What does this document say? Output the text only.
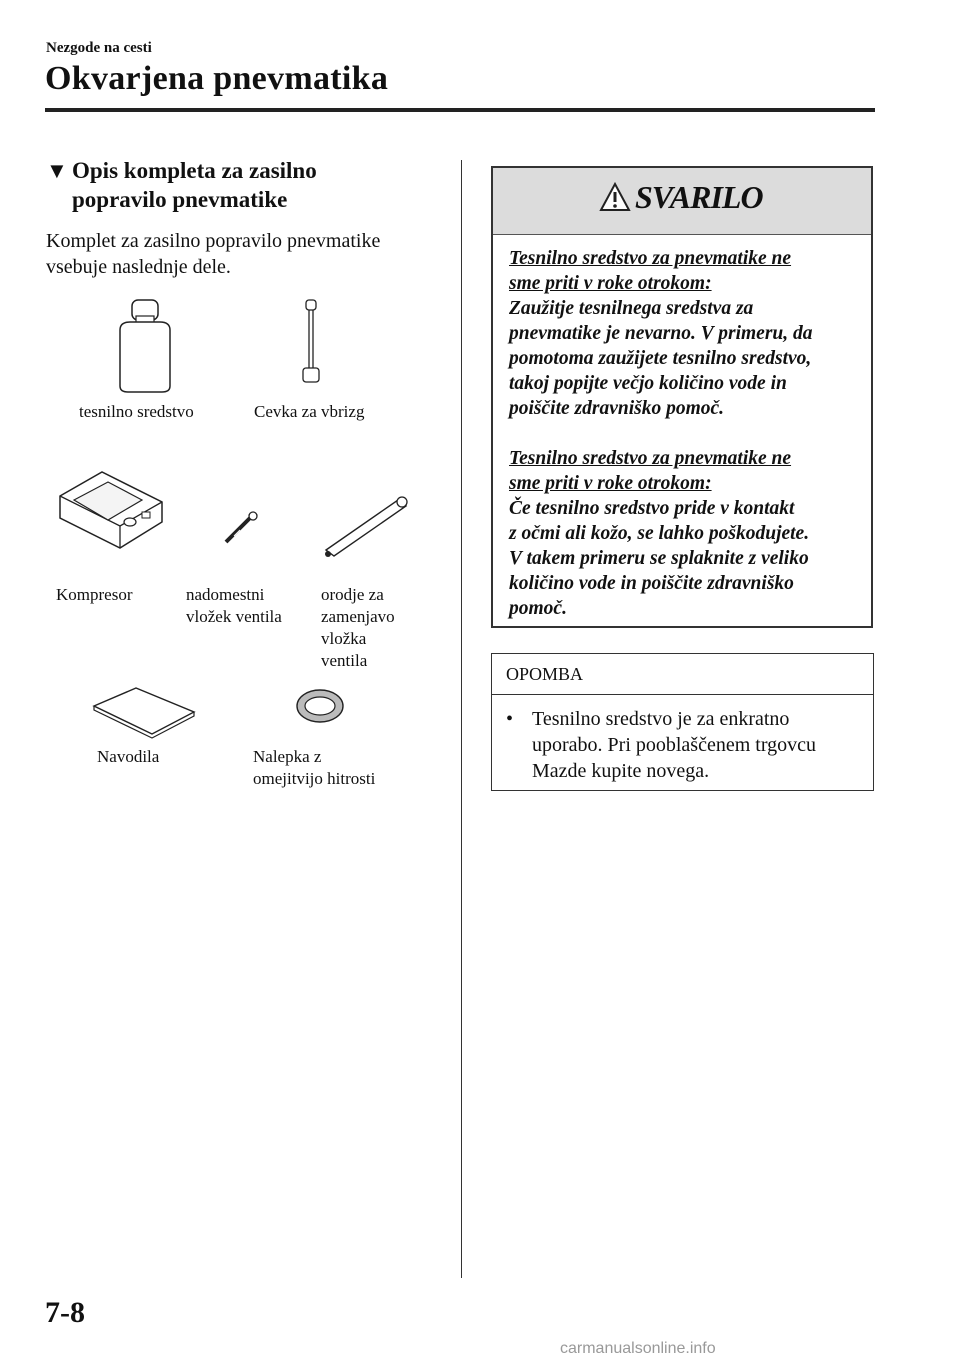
Nezgode na cesti
Okvarjena pnevmatika
▼ Opis kompleta za zasilno
popravilo pnevmatike
Komplet za zasilno popravilo pnevmatike
vsebuje naslednje dele.
tesnilno sredstvo	Cevka za vbrizg
Kompresor	nadomestni
vložek ventila
orodje za
zamenjavo
vložka
ventila
Navodila	Nalepka z
omejitvijo hitrosti
SVARILO
Tesnilno sredstvo za pnevmatike ne
sme priti v roke otrokom:

Zaužitje tesnilnega sredstva za

pnevmatike je nevarno. V primeru, da

pomotoma zaužijete tesnilno sredstvo,

takoj popijte večjo količino vode in

poiščite zdravniško pomoč.

Tesnilno sredstvo za pnevmatike ne
sme priti v roke otrokom:

Če tesnilno sredstvo pride v kontakt

z očmi ali kožo, se lahko poškodujete.

V takem primeru se splaknite z veliko

količino vode in poiščite zdravniško

pomoč.

OPOMBA
• Tesnilno sredstvo je za enkratno
uporabo. Pri pooblaščenem trgovcu
Mazde kupite novega.
7-8
carmanualsonline.info
